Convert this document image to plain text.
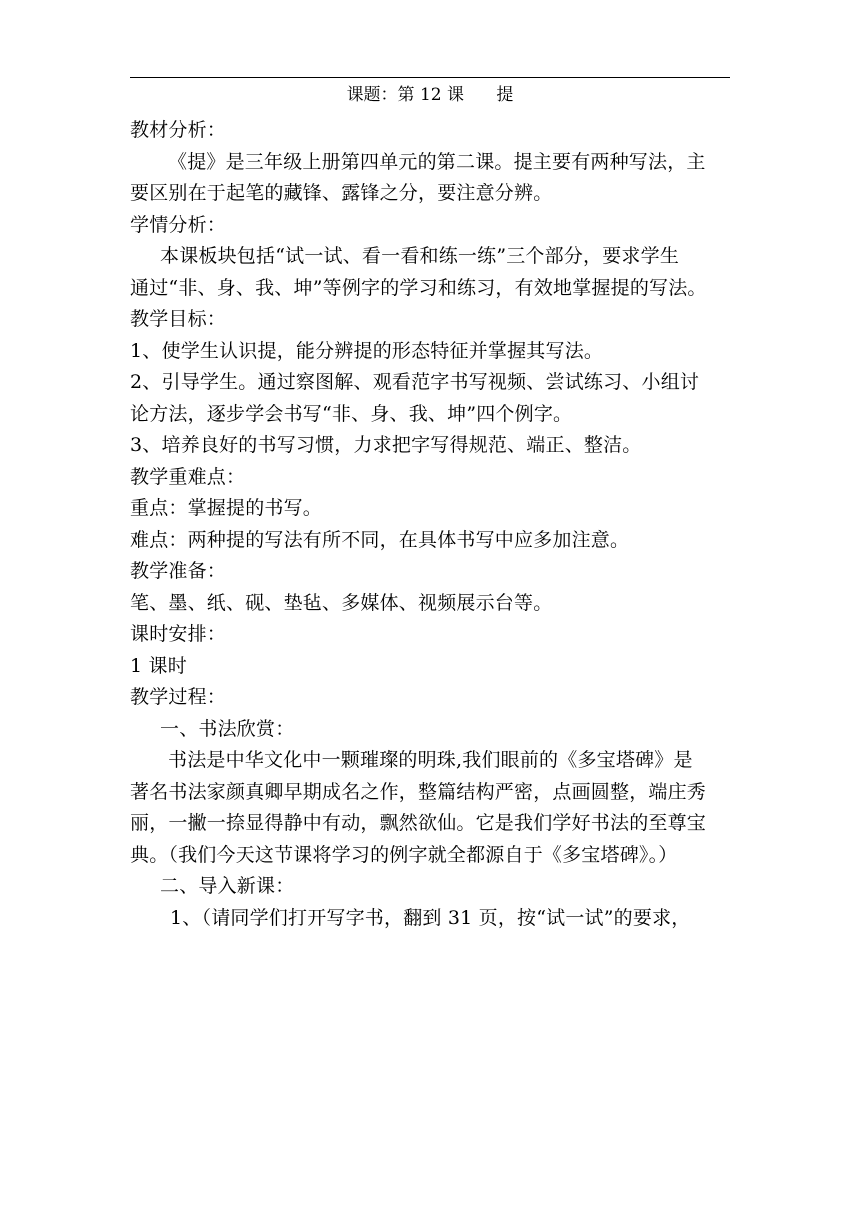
课题：第 12 课      提
教材分析：
《提》是三年级上册第四单元的第二课。提主要有两种写法，主
要区别在于起笔的藏锋、露锋之分，要注意分辨。
学情分析：
本课板块包括“试一试、看一看和练一练”三个部分，要求学生
通过“非、身、我、坤”等例字的学习和练习，有效地掌握提的写法。
教学目标：
1、使学生认识提，能分辨提的形态特征并掌握其写法。
2、引导学生。通过察图解、观看范字书写视频、尝试练习、小组讨
论方法，逐步学会书写“非、身、我、坤”四个例字。
3、培养良好的书写习惯，力求把字写得规范、端正、整洁。
教学重难点：
重点：掌握提的书写。
难点：两种提的写法有所不同，在具体书写中应多加注意。
教学准备：
笔、墨、纸、砚、垫毡、多媒体、视频展示台等。
课时安排：
1 课时
教学过程：
一、书法欣赏：
书法是中华文化中一颗璀璨的明珠,我们眼前的《多宝塔碑》是
著名书法家颜真卿早期成名之作，整篇结构严密，点画圆整，端庄秀
丽，一撇一捺显得静中有动，飘然欲仙。它是我们学好书法的至尊宝
典。（我们今天这节课将学习的例字就全都源自于《多宝塔碑》。）
二、导入新课：
1、（请同学们打开写字书，翻到 31 页，按“试一试”的要求，
